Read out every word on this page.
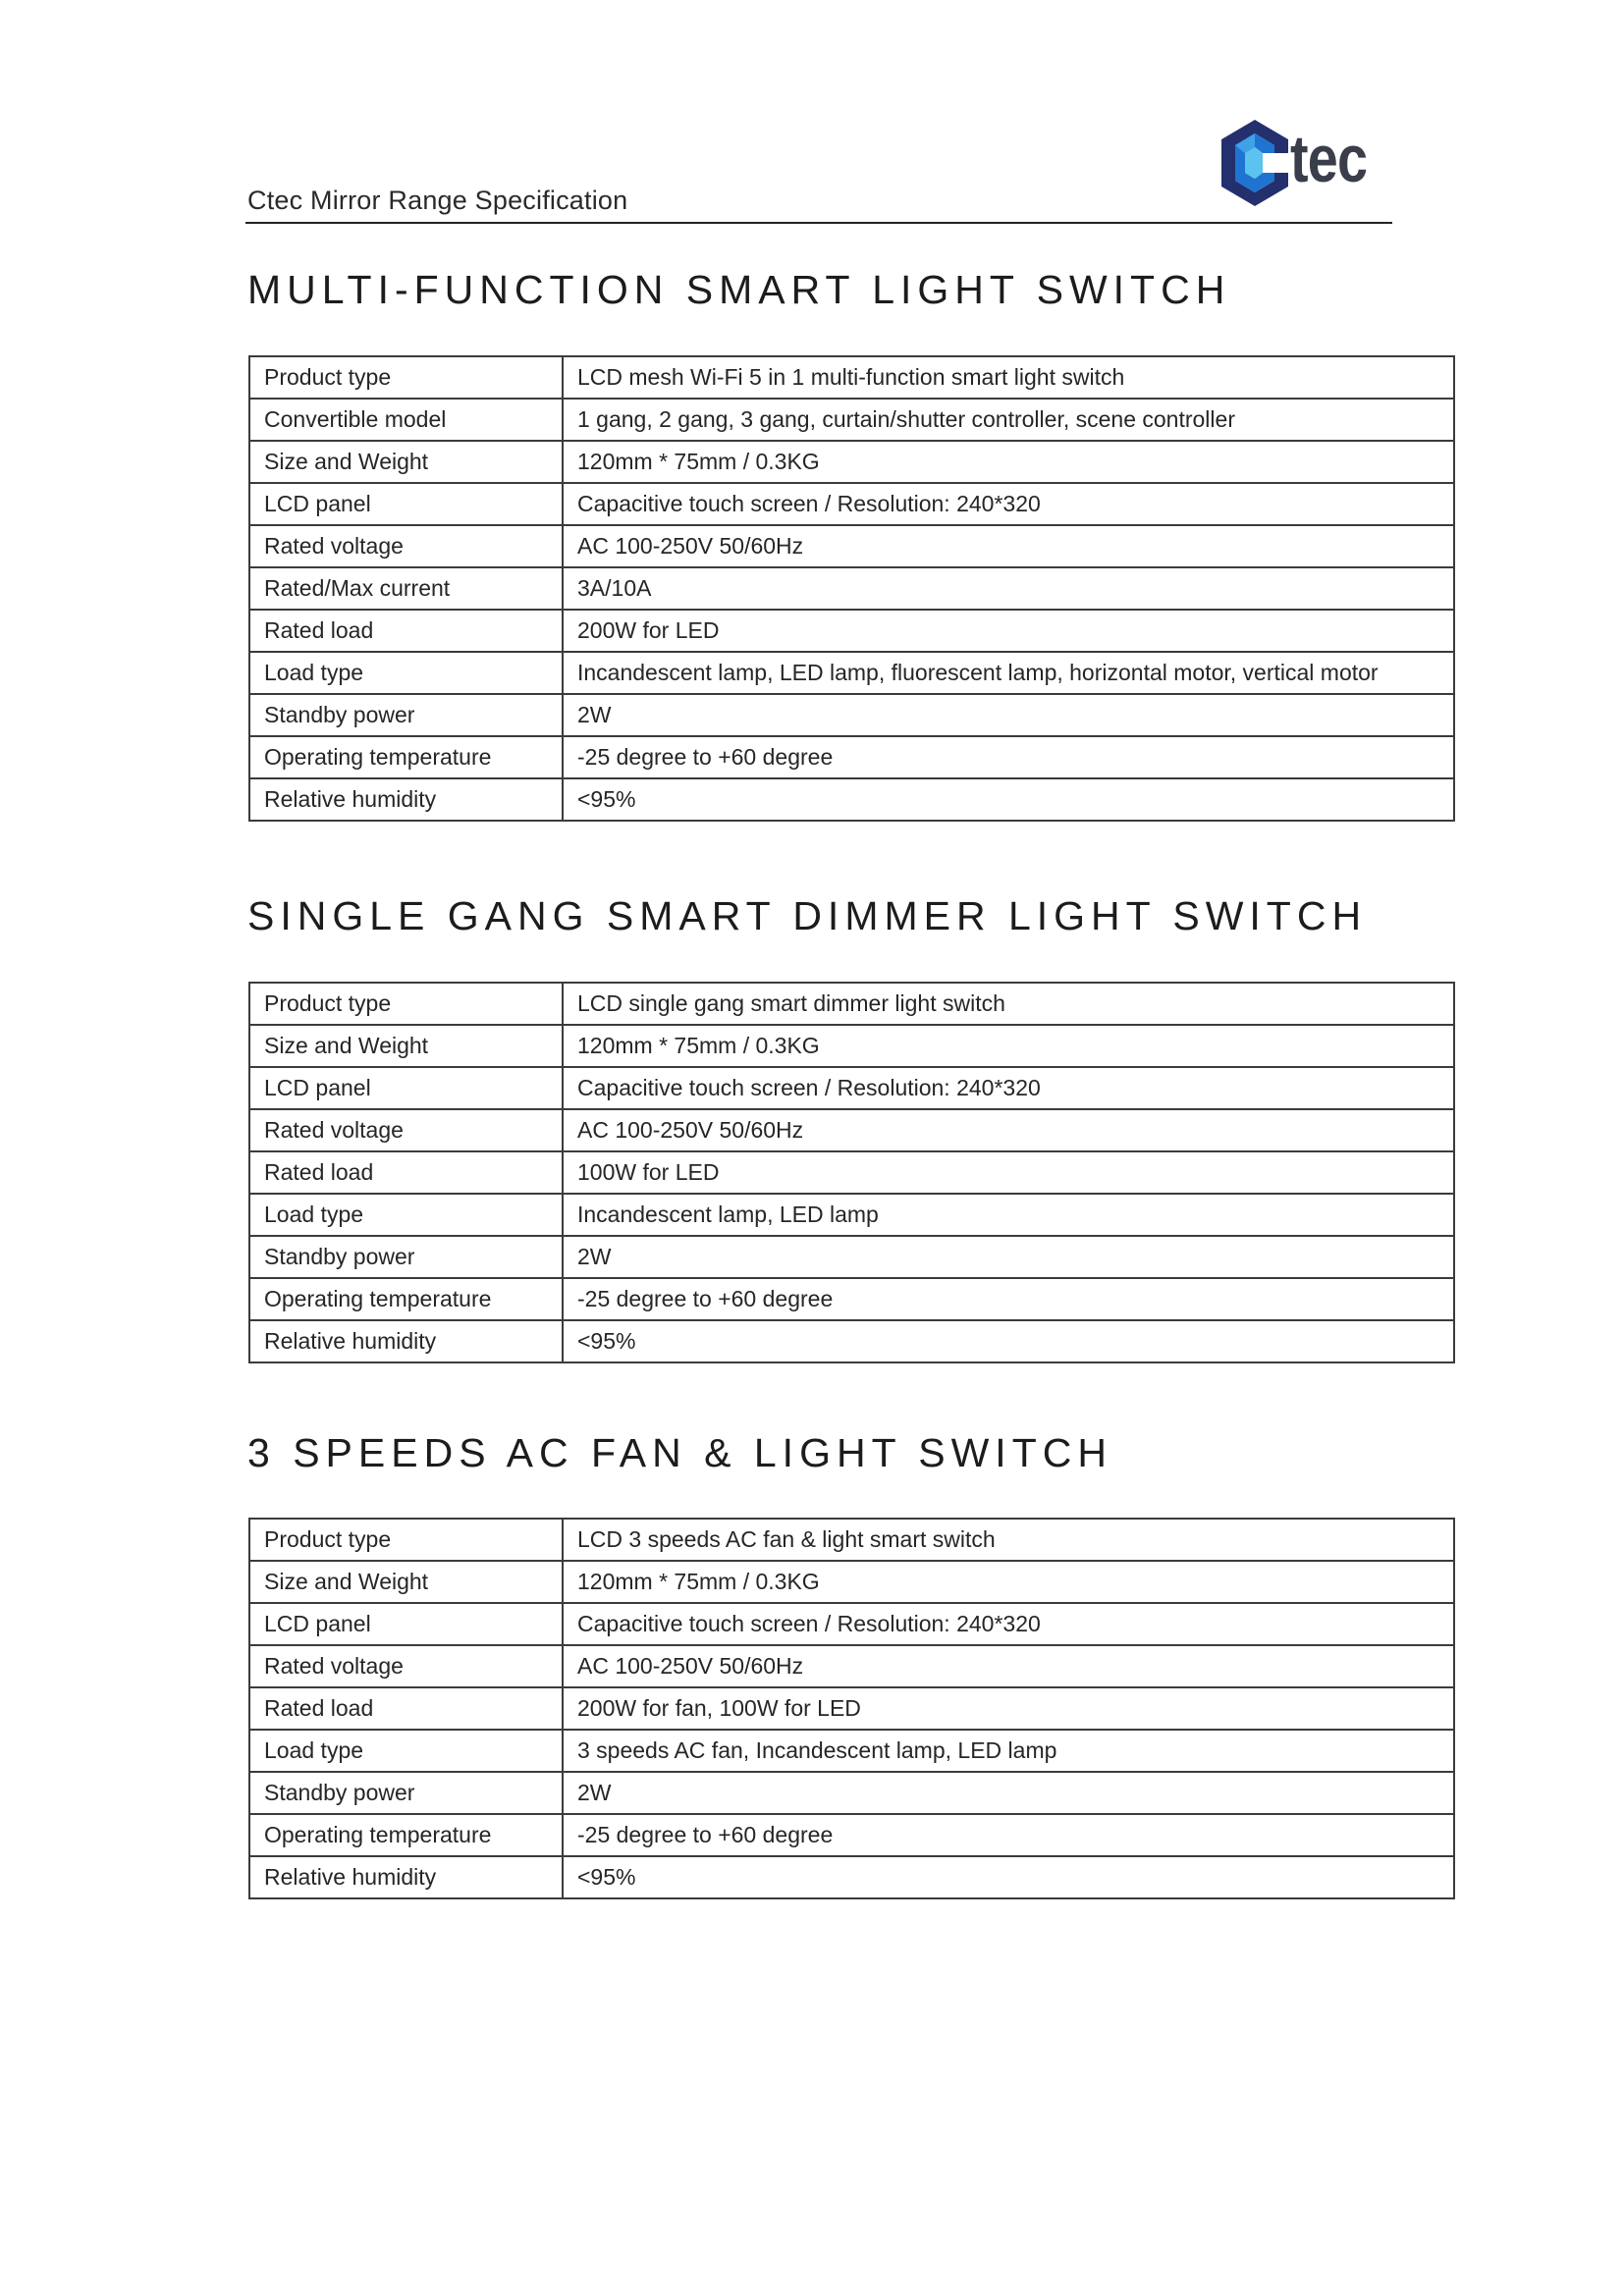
Ctec Mirror Range Specification
tec
MULTI-FUNCTION SMART LIGHT SWITCH
Product type	LCD mesh Wi-Fi 5 in 1 multi-function smart light switch
Convertible model	1 gang, 2 gang, 3 gang, curtain/shutter controller, scene controller
Size and Weight	120mm * 75mm / 0.3KG
LCD panel	Capacitive touch screen / Resolution: 240*320
Rated voltage	AC 100-250V 50/60Hz
Rated/Max current	3A/10A
Rated load	200W for LED
Load type	Incandescent lamp, LED lamp, fluorescent lamp, horizontal motor, vertical motor
Standby power	2W
Operating temperature	-25 degree to +60 degree
Relative humidity	<95%
SINGLE GANG SMART DIMMER LIGHT SWITCH
Product type	LCD single gang smart dimmer light switch
Size and Weight	120mm * 75mm / 0.3KG
LCD panel	Capacitive touch screen / Resolution: 240*320
Rated voltage	AC 100-250V 50/60Hz
Rated load	100W for LED
Load type	Incandescent lamp, LED lamp
Standby power	2W
Operating temperature	-25 degree to +60 degree
Relative humidity	<95%
3 SPEEDS AC FAN & LIGHT SWITCH
Product type	LCD 3 speeds AC fan & light smart switch
Size and Weight	120mm * 75mm / 0.3KG
LCD panel	Capacitive touch screen / Resolution: 240*320
Rated voltage	AC 100-250V 50/60Hz
Rated load	200W for fan, 100W for LED
Load type	3 speeds AC fan, Incandescent lamp, LED lamp
Standby power	2W
Operating temperature	-25 degree to +60 degree
Relative humidity	<95%
